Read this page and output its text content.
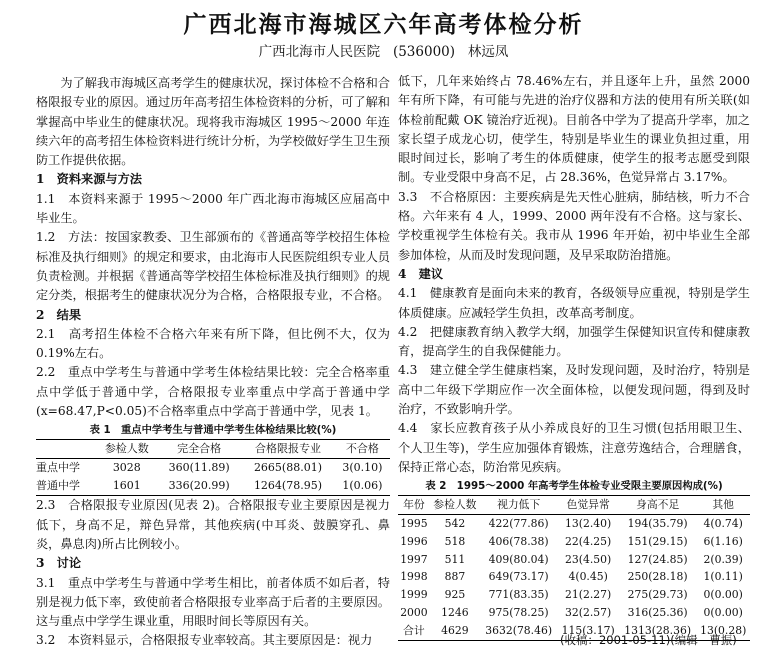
广西北海市海城区六年高考体检分析
广西北海市人民医院 (536000) 林远凤

为了解我市海城区高考学生的健康状况，探讨体检不合格和合格限报专业的原因。通过历年高考招生体检资料的分析，可了解和掌握高中毕业生的健康状况。现将我市海城区 1995～2000 年连续六年的高考招生体检资料进行统计分析，为学校做好学生卫生预防工作提供依据。

1　资料来源与方法

1.1　本资料来源于 1995～2000 年广西北海市海城区应届高中毕业生。

1.2　方法：按国家教委、卫生部颁布的《普通高等学校招生体检标准及执行细则》的规定和要求，由北海市人民医院组织专业人员负责检测。并根据《普通高等学校招生体检标准及执行细则》的规定分类，根据考生的健康状况分为合格，合格限报专业，不合格。

2　结果

2.1　高考招生体检不合格六年来有所下降，但比例不大，仅为 0.19%左右。

2.2　重点中学考生与普通中学考生体检结果比较：完全合格率重点中学低于普通中学，合格限报专业率重点中学高于普通中学(x=68.47,P<0.05)不合格率重点中学高于普通中学，见表 1。

表 1　重点中学考生与普通中学考生体检结果比较(%)
	参检人数	完全合格	合格限报专业	不合格
重点中学	3028	360(11.89)	2665(88.01)	3(0.10)
普通中学	1601	336(20.99)	1264(78.95)	1(0.06)

2.3　合格限报专业原因(见表 2)。合格限报专业主要原因是视力低下，身高不足，辩色异常，其他疾病(中耳炎、鼓膜穿孔、鼻炎，鼻息肉)所占比例较小。

3　讨论

3.1　重点中学考生与普通中学考生相比，前者体质不如后者，特别是视力低下率，致使前者合格限报专业率高于后者的主要原因。这与重点中学学生课业重，用眼时间长等原因有关。

3.2　本资料显示，合格限报专业率较高。其主要原因是：视力

低下，几年来始终占 78.46%左右，并且逐年上升，虽然 2000 年有所下降，有可能与先进的治疗仪器和方法的使用有所关联(如体检前配戴 OK 镜治疗近视)。目前各中学为了提高升学率，加之家长望子成龙心切，使学生，特别是毕业生的课业负担过重，用眼时间过长，影响了考生的体质健康，使学生的报考志愿受到限制。专业受限中身高不足，占 28.36%，色觉异常占 3.17%。

3.3　不合格原因：主要疾病是先天性心脏病，肺结核，听力不合格。六年来有 4 人，1999、2000 两年没有不合格。这与家长、学校重视学生体检有关。我市从 1996 年开始，初中毕业生全部参加体检，从而及时发现问题，及早采取防治措施。

4　建议

4.1　健康教育是面向未来的教育，各级领导应重视，特别是学生体质健康。应减轻学生负担，改革高考制度。

4.2　把健康教育纳入教学大纲，加强学生保健知识宣传和健康教育，提高学生的自我保健能力。

4.3　建立健全学生健康档案，及时发现问题，及时治疗，特别是高中二年级下学期应作一次全面体检，以便发现问题，得到及时治疗，不致影响升学。

4.4　家长应教育孩子从小养成良好的卫生习惯(包括用眼卫生、个人卫生等)，学生应加强体育锻炼，注意劳逸结合，合理膳食，保持正常心态，防治常见疾病。

表 2　1995～2000 年高考学生体检专业受限主要原因构成(%)
年份	参检人数	视力低下	色觉异常	身高不足	其他
1995	542	422(77.86)	13(2.40)	194(35.79)	4(0.74)
1996	518	406(78.38)	22(4.25)	151(29.15)	6(1.16)
1997	511	409(80.04)	23(4.50)	127(24.85)	2(0.39)
1998	887	649(73.17)	4(0.45)	250(28.18)	1(0.11)
1999	925	771(83.35)	21(2.27)	275(29.73)	0(0.00)
2000	1246	975(78.25)	32(2.57)	316(25.36)	0(0.00)
合计	4629	3632(78.46)	115(3.17)	1313(28.36)	13(0.28)
(收稿：2001-05-11)(编辑　曹振)
